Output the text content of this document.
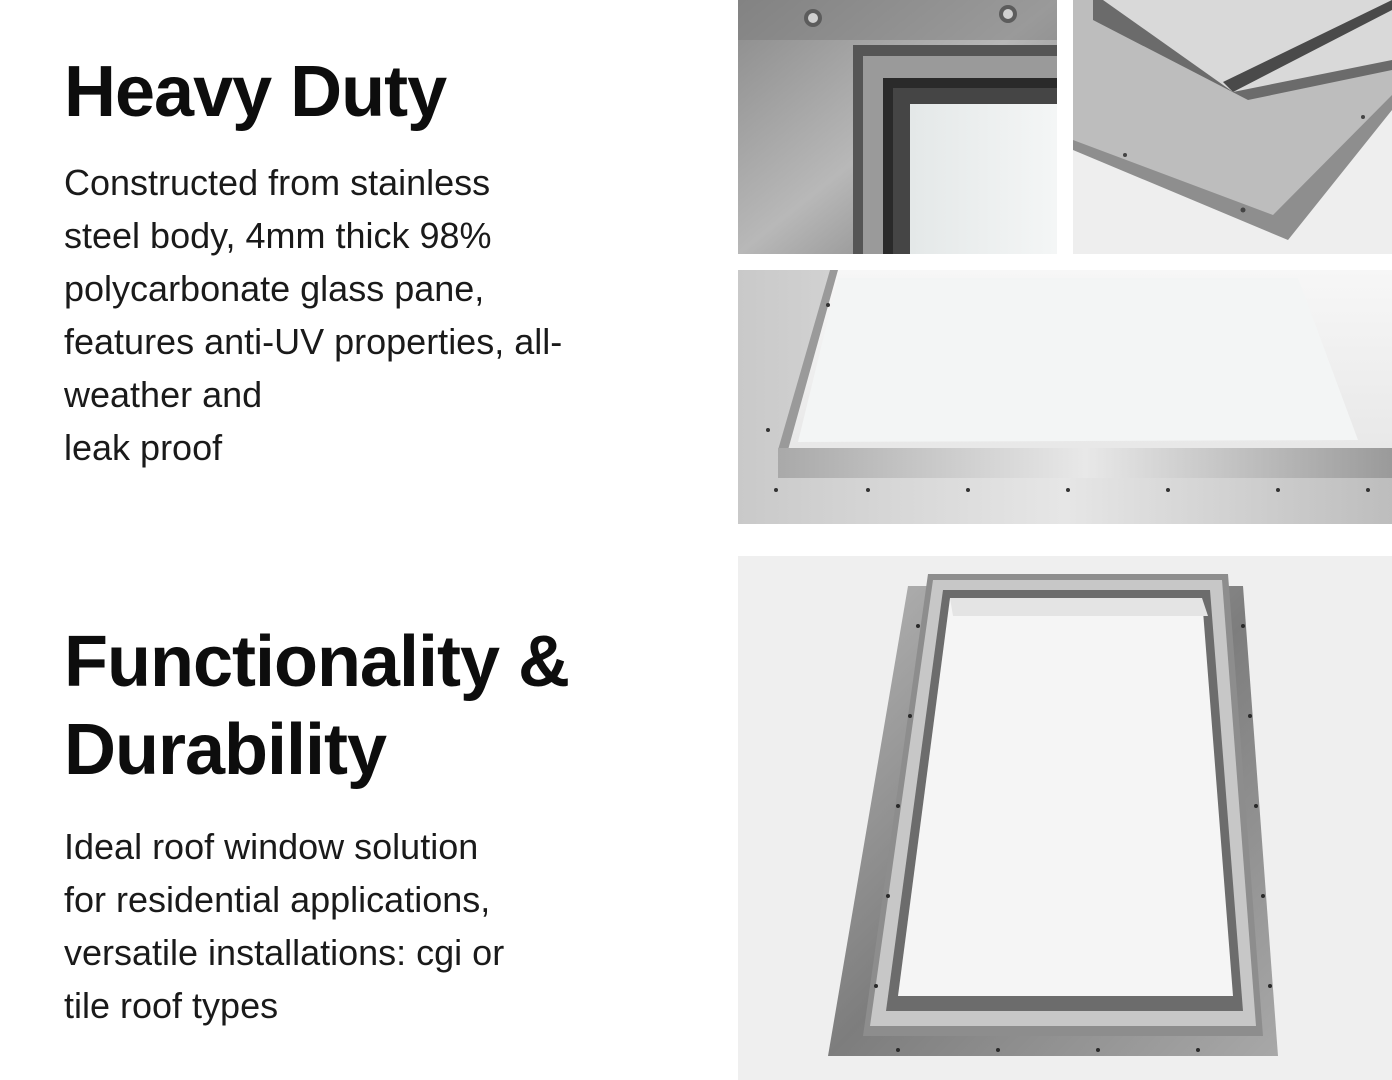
Heavy Duty

Constructed from stainless
steel body, 4mm thick 98%
polycarbonate glass pane,
features anti-UV properties, all-
weather and
leak proof

Functionality &
Durability

Ideal roof window solution
for residential applications,
versatile installations: cgi or
tile roof types
